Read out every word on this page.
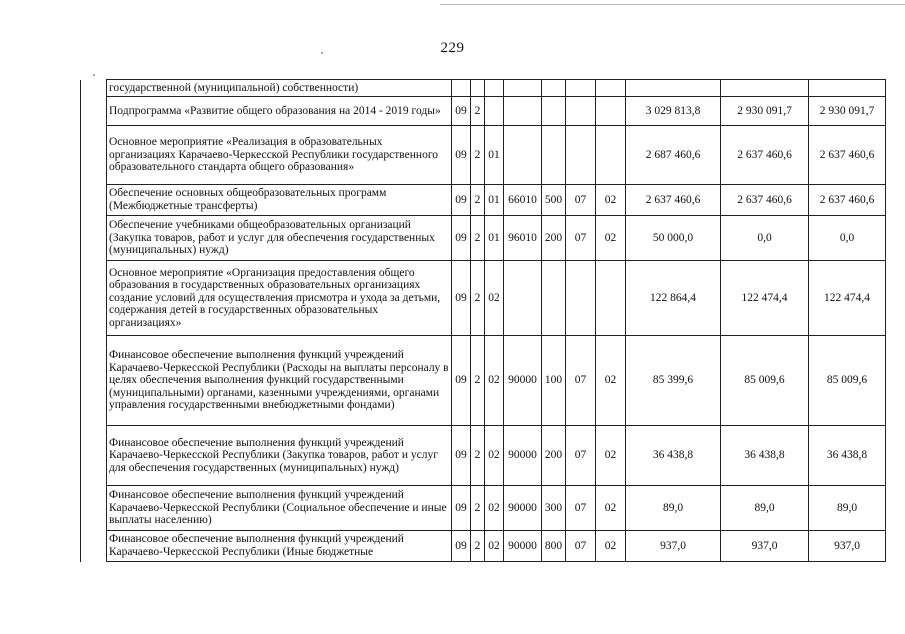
229
	государственной (муниципальной) собственности)										
	Подпрограмма «Развитие общего образования на 2014 - 2019 годы»	09	2						3 029 813,8	2 930 091,7	2 930 091,7
	Основное мероприятие «Реализация в образовательных организациях Карачаево-Черкесской Республики государственного образовательного стандарта общего образования»	09	2	01					2 687 460,6	2 637 460,6	2 637 460,6
	Обеспечение основных общеобразовательных программ (Межбюджетные трансферты)	09	2	01	66010	500	07	02	2 637 460,6	2 637 460,6	2 637 460,6
	Обеспечение учебниками общеобразовательных организаций (Закупка товаров, работ и услуг для обеспечения государственных (муниципальных) нужд)	09	2	01	96010	200	07	02	50 000,0	0,0	0,0
	Основное мероприятие «Организация предоставления общего образования в государственных образовательных организациях создание условий для осуществления присмотра и ухода за детьми, содержания детей в государственных образовательных организациях»	09	2	02					122 864,4	122 474,4	122 474,4
	Финансовое обеспечение выполнения функций учреждений Карачаево-Черкесской Республики (Расходы на выплаты персоналу в целях обеспечения выполнения функций государственными (муниципальными) органами, казенными учреждениями, органами управления государственными внебюджетными фондами)	09	2	02	90000	100	07	02	85 399,6	85 009,6	85 009,6
	Финансовое обеспечение выполнения функций учреждений Карачаево-Черкесской Республики (Закупка товаров, работ и услуг для обеспечения государственных (муниципальных) нужд)	09	2	02	90000	200	07	02	36 438,8	36 438,8	36 438,8
	Финансовое обеспечение выполнения функций учреждений Карачаево-Черкесской Республики (Социальное обеспечение и иные выплаты населению)	09	2	02	90000	300	07	02	89,0	89,0	89,0
	Финансовое обеспечение выполнения функций учреждений Карачаево-Черкесской Республики (Иные бюджетные	09	2	02	90000	800	07	02	937,0	937,0	937,0
